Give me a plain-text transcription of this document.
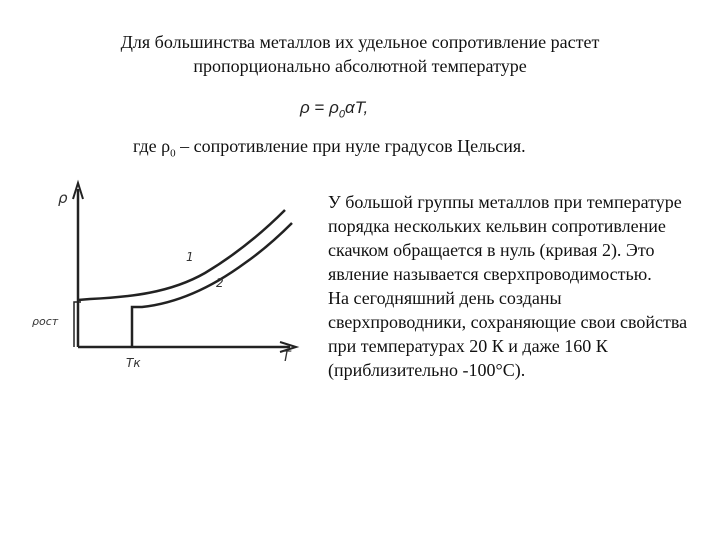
Для большинства металлов их удельное сопротивление растет
пропорционально абсолютной температуре
$\rho = \rho_0\alpha T$,
где $\rho_0$ – сопротивление при нуле градусов Цельсия.
ρ
T
ρост
Tк
1
2

У большой группы металлов при температуре порядка нескольких кельвин сопротивление скачком обращается в нуль (кривая 2). Это явление называется сверхпроводимостью.

На сегодняшний день созданы сверхпроводники, сохраняющие свои свойства при температурах 20 К и даже 160 К (приблизительно -100°С).
